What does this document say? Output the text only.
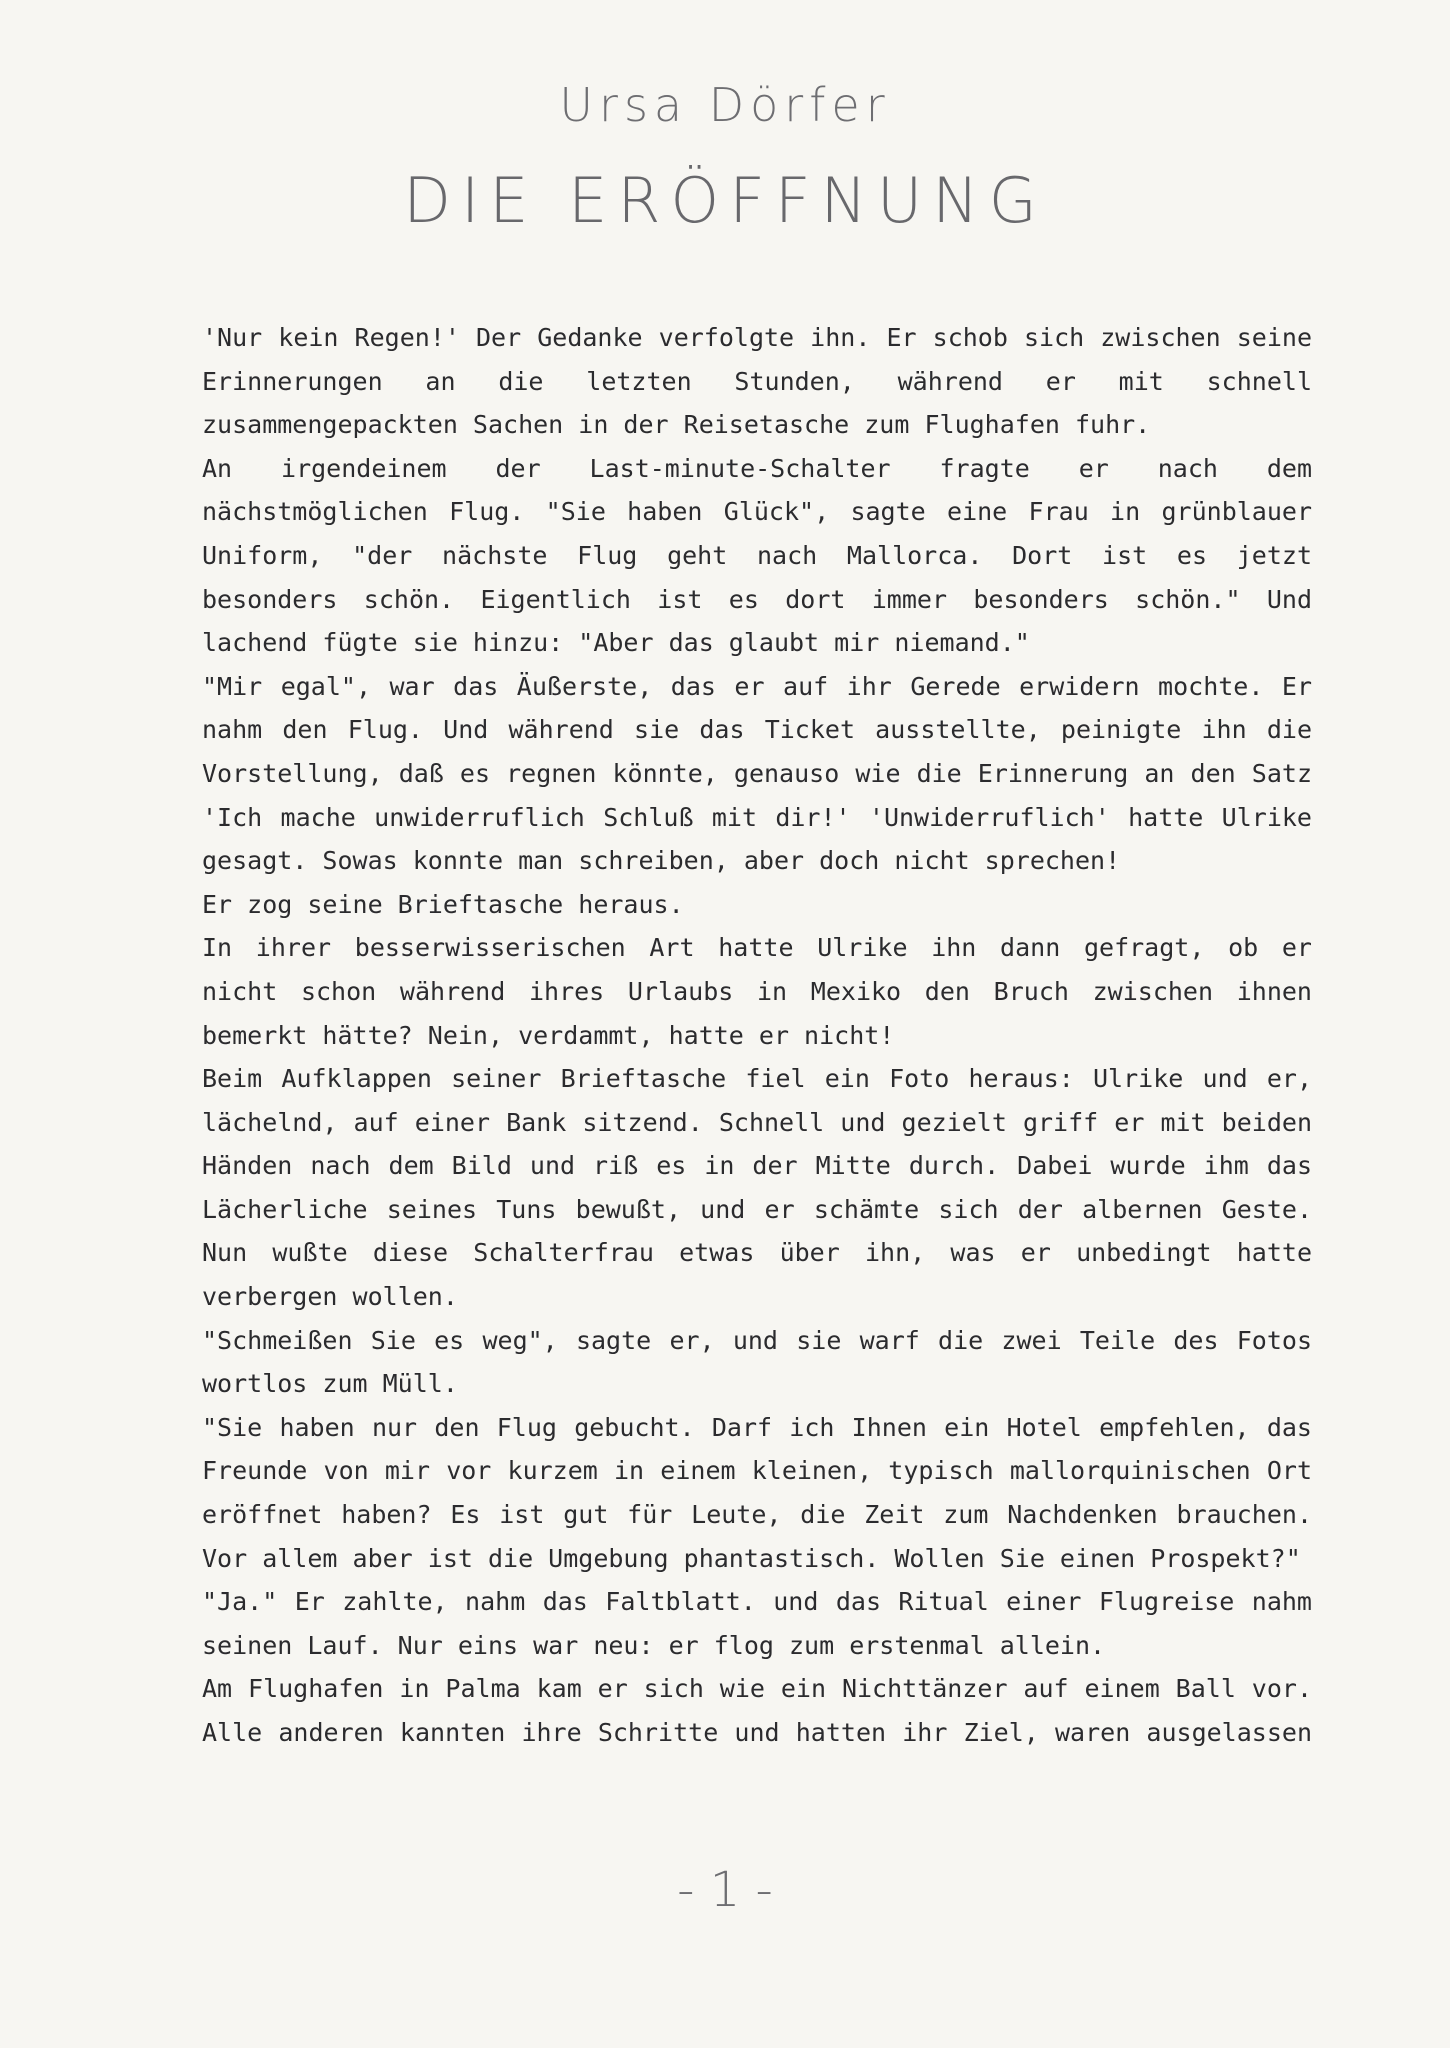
Ursa Dörfer
DIE ERÖFFNUNG

'Nur kein Regen!' Der Gedanke verfolgte ihn. Er schob sich zwischen seine Erinnerungen an die letzten Stunden, während er mit schnell zusammengepackten Sachen in der Reisetasche zum Flughafen fuhr.

An irgendeinem der Last-minute-Schalter fragte er nach dem nächstmöglichen Flug. "Sie haben Glück", sagte eine Frau in grünblauer Uniform, "der nächste Flug geht nach Mallorca. Dort ist es jetzt besonders schön. Eigentlich ist es dort immer besonders schön." Und lachend fügte sie hinzu: "Aber das glaubt mir niemand."

"Mir egal", war das Äußerste, das er auf ihr Gerede erwidern mochte. Er nahm den Flug. Und während sie das Ticket ausstellte, peinigte ihn die Vorstellung, daß es regnen könnte, genauso wie die Erinnerung an den Satz 'Ich mache unwiderruflich Schluß mit dir!' 'Unwiderruflich' hatte Ulrike gesagt. Sowas konnte man schreiben, aber doch nicht sprechen!

Er zog seine Brieftasche heraus.

In ihrer besserwisserischen Art hatte Ulrike ihn dann gefragt, ob er nicht schon während ihres Urlaubs in Mexiko den Bruch zwischen ihnen bemerkt hätte? Nein, verdammt, hatte er nicht!

Beim Aufklappen seiner Brieftasche fiel ein Foto heraus: Ulrike und er, lächelnd, auf einer Bank sitzend. Schnell und gezielt griff er mit beiden Händen nach dem Bild und riß es in der Mitte durch. Dabei wurde ihm das Lächerliche seines Tuns bewußt, und er schämte sich der albernen Geste. Nun wußte diese Schalterfrau etwas über ihn, was er unbedingt hatte verbergen wollen.

"Schmeißen Sie es weg", sagte er, und sie warf die zwei Teile des Fotos wortlos zum Müll.

"Sie haben nur den Flug gebucht. Darf ich Ihnen ein Hotel empfehlen, das Freunde von mir vor kurzem in einem kleinen, typisch mallorquinischen Ort eröffnet haben? Es ist gut für Leute, die Zeit zum Nachdenken brauchen. Vor allem aber ist die Umgebung phantastisch. Wollen Sie einen Prospekt?"

"Ja." Er zahlte, nahm das Faltblatt. und das Ritual einer Flugreise nahm seinen Lauf. Nur eins war neu: er flog zum erstenmal allein.

Am Flughafen in Palma kam er sich wie ein Nichttänzer auf einem Ball vor. Alle anderen kannten ihre Schritte und hatten ihr Ziel, waren ausgelassen

- 1 -
